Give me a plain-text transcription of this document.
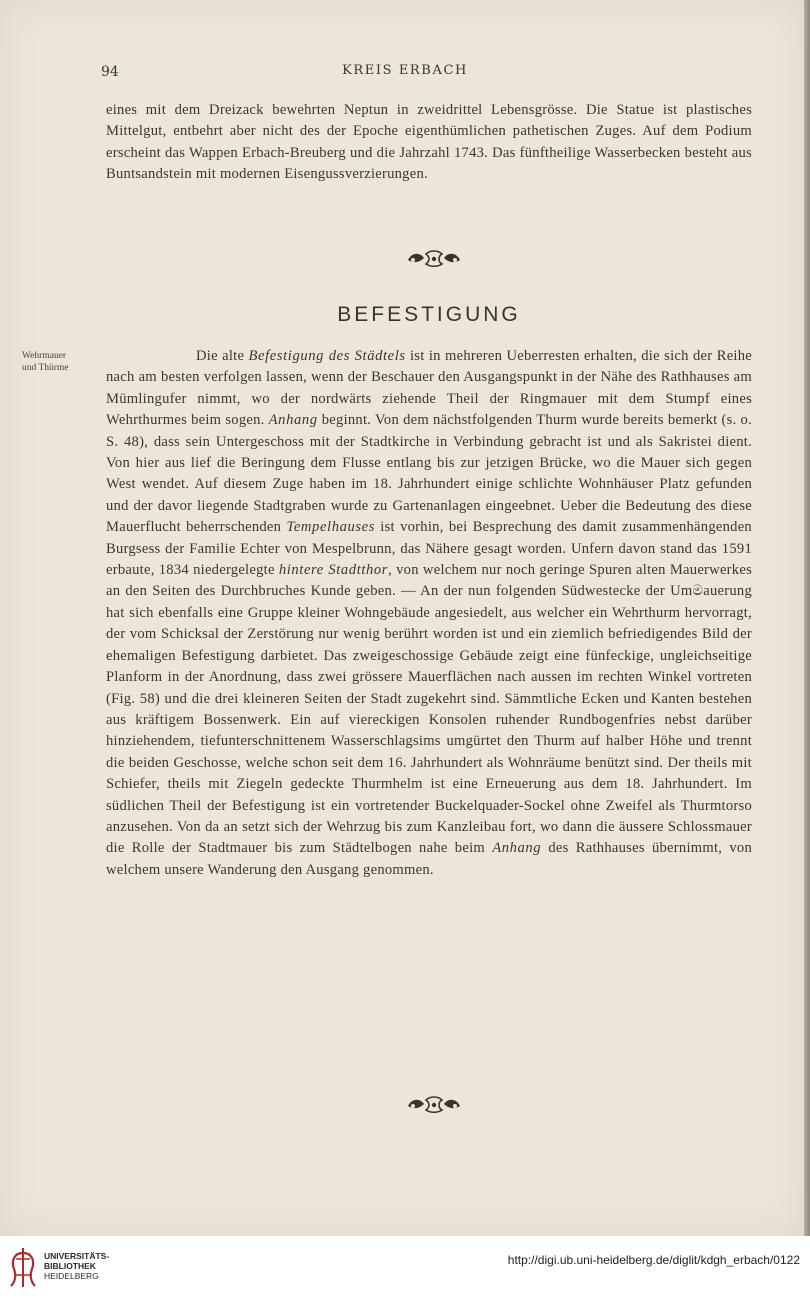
94	KREIS ERBACH

eines mit dem Dreizack bewehrten Neptun in zweidrittel Lebensgrösse. Die Statue ist plastisches Mittelgut, entbehrt aber nicht des der Epoche eigenthümlichen pathetischen Zuges. Auf dem Podium erscheint das Wappen Erbach-Breuberg und die Jahrzahl 1743. Das fünftheilige Wasserbecken besteht aus Buntsandstein mit modernen Eisengussverzierungen.

BEFESTIGUNG
Wehrmauer
und Thürme

Die alte Befestigung des Städtels ist in mehreren Ueberresten erhalten, die sich der Reihe nach am besten verfolgen lassen, wenn der Beschauer den Ausgangspunkt in der Nähe des Rathhauses am Mümlingufer nimmt, wo der nordwärts ziehende Theil der Ringmauer mit dem Stumpf eines Wehrthurmes beim sogen. Anhang beginnt. Von dem nächstfolgenden Thurm wurde bereits bemerkt (s. o. S. 48), dass sein Untergeschoss mit der Stadtkirche in Verbindung gebracht ist und als Sakristei dient. Von hier aus lief die Beringung dem Flusse entlang bis zur jetzigen Brücke, wo die Mauer sich gegen West wendet. Auf diesem Zuge haben im 18. Jahrhundert einige schlichte Wohnhäuser Platz gefunden und der davor liegende Stadtgraben wurde zu Gartenanlagen eingeebnet. Ueber die Bedeutung des diese Mauerflucht beherrschenden Tempelhauses ist vorhin, bei Besprechung des damit zusammenhängenden Burgsess der Familie Echter von Mespelbrunn, das Nähere gesagt worden. Unfern davon stand das 1591 erbaute, 1834 niedergelegte hintere Stadtthor, von welchem nur noch geringe Spuren alten Mauerwerkes an den Seiten des Durchbruches Kunde geben. — An der nun folgenden Südwestecke der Umමauerung hat sich ebenfalls eine Gruppe kleiner Wohngebäude angesiedelt, aus welcher ein Wehrthurm hervorragt, der vom Schicksal der Zerstörung nur wenig berührt worden ist und ein ziemlich befriedigendes Bild der ehemaligen Befestigung darbietet. Das zweigeschossige Gebäude zeigt eine fünfeckige, ungleichseitige Planform in der Anordnung, dass zwei grössere Mauerflächen nach aussen im rechten Winkel vortreten (Fig. 58) und die drei kleineren Seiten der Stadt zugekehrt sind. Sämmtliche Ecken und Kanten bestehen aus kräftigem Bossenwerk. Ein auf viereckigen Konsolen ruhender Rundbogenfries nebst darüber hinziehendem, tiefunterschnittenem Wasserschlagsims umgürtet den Thurm auf halber Höhe und trennt die beiden Geschosse, welche schon seit dem 16. Jahrhundert als Wohnräume benützt sind. Der theils mit Schiefer, theils mit Ziegeln gedeckte Thurmhelm ist eine Erneuerung aus dem 18. Jahrhundert. Im südlichen Theil der Befestigung ist ein vortretender Buckelquader-Sockel ohne Zweifel als Thurmtorso anzusehen. Von da an setzt sich der Wehrzug bis zum Kanzleibau fort, wo dann die äussere Schlossmauer die Rolle der Stadtmauer bis zum Städtelbogen nahe beim Anhang des Rathhauses übernimmt, von welchem unsere Wanderung den Ausgang genommen.

UNIVERSITÄTS-
BIBLIOTHEK
HEIDELBERG
http://digi.ub.uni-heidelberg.de/diglit/kdgh_erbach/0122
